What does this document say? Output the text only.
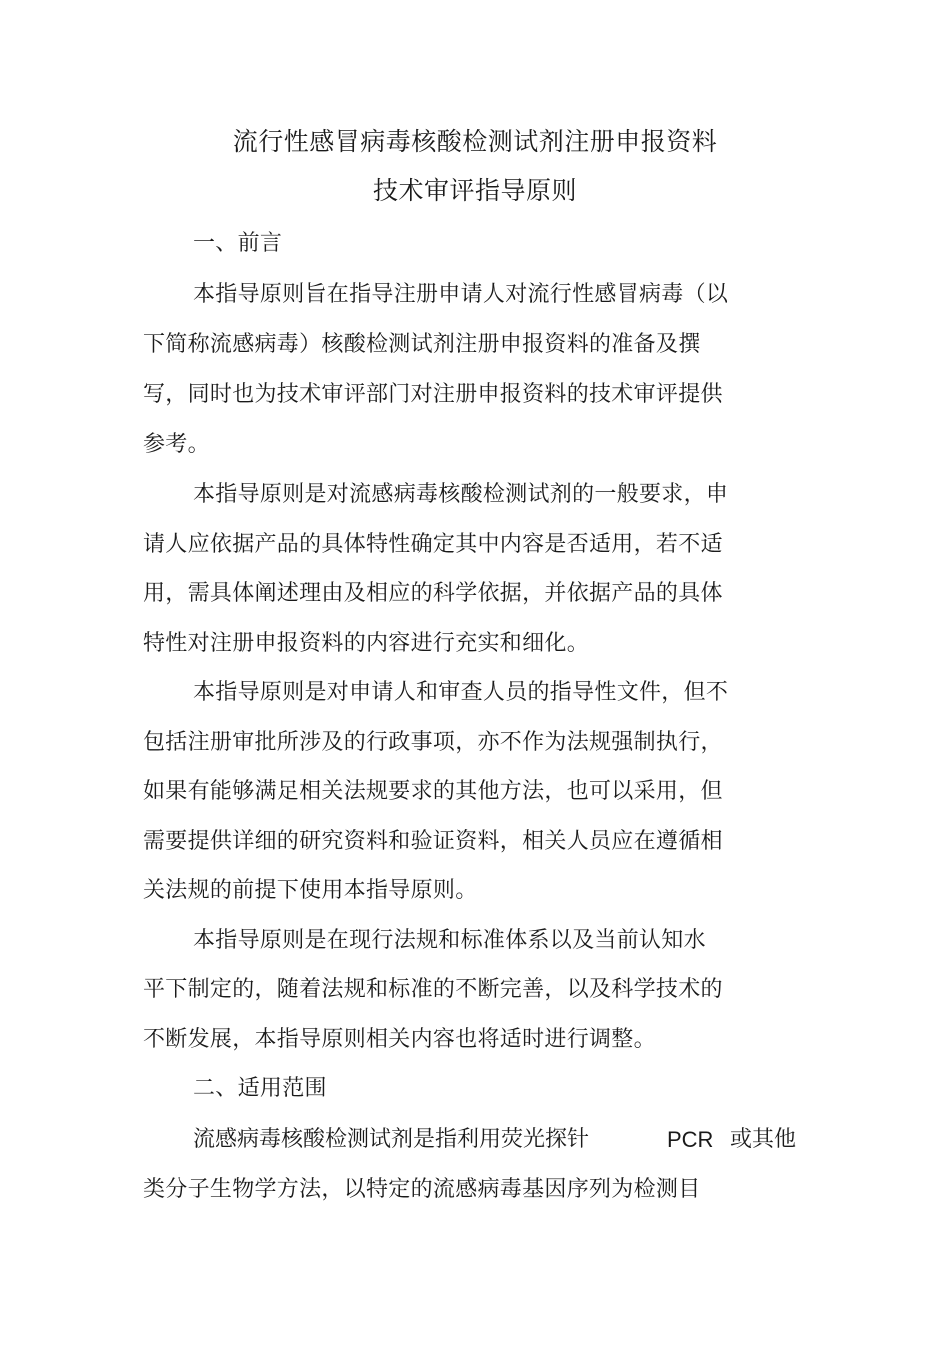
流行性感冒病毒核酸检测试剂注册申报资料
技术审评指导原则
一、前言
本指导原则旨在指导注册申请人对流行性感冒病毒（以
下简称流感病毒）核酸检测试剂注册申报资料的准备及撰
写，同时也为技术审评部门对注册申报资料的技术审评提供
参考。
本指导原则是对流感病毒核酸检测试剂的一般要求，申
请人应依据产品的具体特性确定其中内容是否适用，若不适
用，需具体阐述理由及相应的科学依据，并依据产品的具体
特性对注册申报资料的内容进行充实和细化。
本指导原则是对申请人和审查人员的指导性文件，但不
包括注册审批所涉及的行政事项，亦不作为法规强制执行，
如果有能够满足相关法规要求的其他方法，也可以采用，但
需要提供详细的研究资料和验证资料，相关人员应在遵循相
关法规的前提下使用本指导原则。
本指导原则是在现行法规和标准体系以及当前认知水
平下制定的，随着法规和标准的不断完善，以及科学技术的
不断发展，本指导原则相关内容也将适时进行调整。
二、适用范围
流感病毒核酸检测试剂是指利用荧光探针	PCR 或其他
类分子生物学方法，以特定的流感病毒基因序列为检测目
